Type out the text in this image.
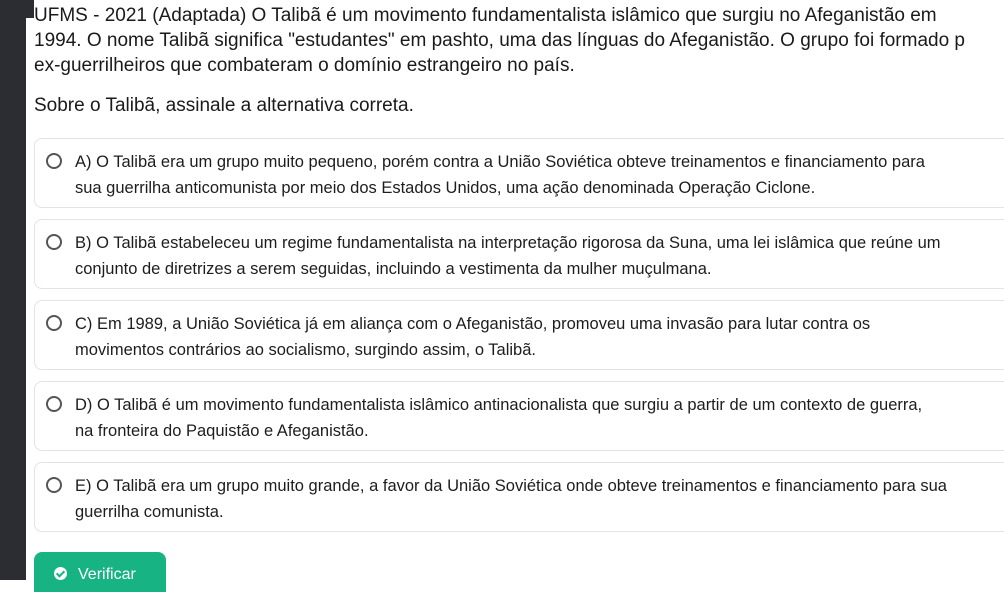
UFMS - 2021 (Adaptada) O Talibã é um movimento fundamentalista islâmico que surgiu no Afeganistão em
1994. O nome Talibã significa "estudantes" em pashto, uma das línguas do Afeganistão. O grupo foi formado p
ex-guerrilheiros que combateram o domínio estrangeiro no país.
Sobre o Talibã, assinale a alternativa correta.
A) O Talibã era um grupo muito pequeno, porém contra a União Soviética obteve treinamentos e financiamento para
sua guerrilha anticomunista por meio dos Estados Unidos, uma ação denominada Operação Ciclone.
B) O Talibã estabeleceu um regime fundamentalista na interpretação rigorosa da Suna, uma lei islâmica que reúne um
conjunto de diretrizes a serem seguidas, incluindo a vestimenta da mulher muçulmana.
C) Em 1989, a União Soviética já em aliança com o Afeganistão, promoveu uma invasão para lutar contra os
movimentos contrários ao socialismo, surgindo assim, o Talibã.
D) O Talibã é um movimento fundamentalista islâmico antinacionalista que surgiu a partir de um contexto de guerra,
na fronteira do Paquistão e Afeganistão.
E) O Talibã era um grupo muito grande, a favor da União Soviética onde obteve treinamentos e financiamento para sua
guerrilha comunista.
Verificar
